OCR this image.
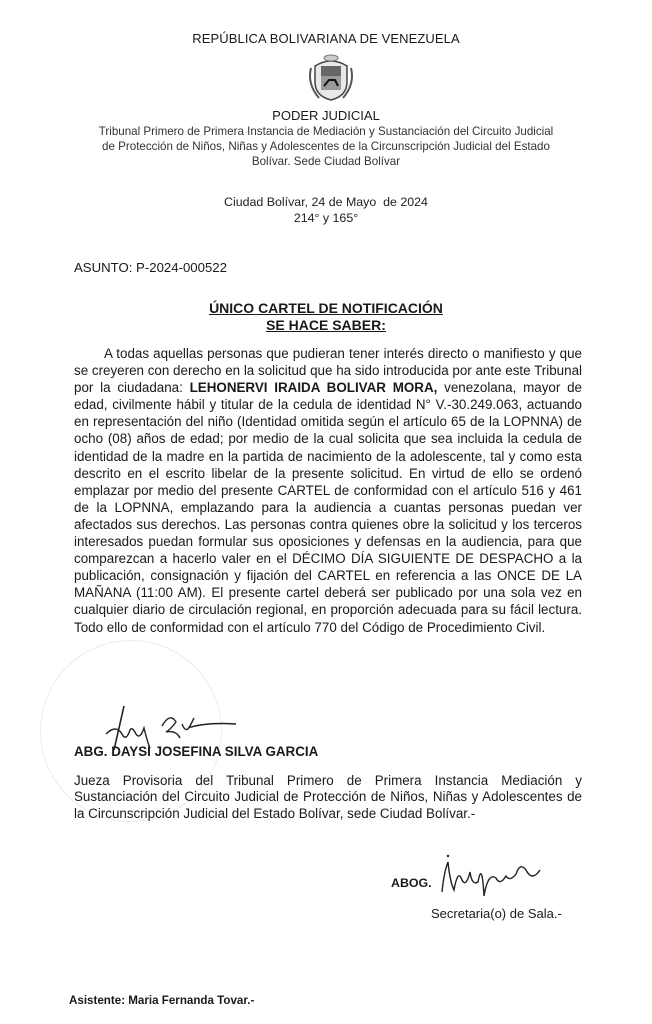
REPÚBLICA BOLIVARIANA DE VENEZUELA
PODER JUDICIAL
Tribunal Primero de Primera Instancia de Mediación y Sustanciación del Circuito Judicial
de Protección de Niños, Niñas y Adolescentes de la Circunscripción Judicial del Estado
Bolívar. Sede Ciudad Bolívar
Ciudad Bolívar, 24 de Mayo  de 2024
214° y 165°
ASUNTO: P-2024-000522
ÚNICO CARTEL DE NOTIFICACIÓN
SE HACE SABER:
A todas aquellas personas que pudieran tener interés directo o manifiesto y que se creyeren con derecho en la solicitud que ha sido introducida por ante este Tribunal por la ciudadana: LEHONERVI IRAIDA BOLIVAR MORA, venezolana, mayor de edad, civilmente hábil y titular de la cedula de identidad N° V.-30.249.063, actuando en representación del niño (Identidad omitida según el artículo 65 de la LOPNNA) de ocho (08) años de edad; por medio de la cual solicita que sea incluida la cedula de identidad de la madre en la partida de nacimiento de la adolescente, tal y como esta descrito en el escrito libelar de la presente solicitud. En virtud de ello se ordenó emplazar por medio del presente CARTEL de conformidad con el artículo 516 y 461 de la LOPNNA, emplazando para la audiencia a cuantas personas puedan ver afectados sus derechos. Las personas contra quienes obre la solicitud y los terceros interesados puedan formular sus oposiciones y defensas en la audiencia, para que comparezcan a hacerlo valer en el DÉCIMO DÍA SIGUIENTE DE DESPACHO a la publicación, consignación y fijación del CARTEL en referencia a las ONCE DE LA MAÑANA (11:00 AM). El presente cartel deberá ser publicado por una sola vez en cualquier diario de circulación regional, en proporción adecuada para su fácil lectura. Todo ello de conformidad con el artículo 770 del Código de Procedimiento Civil.
ABG. DAYSI JOSEFINA SILVA GARCIA
Jueza Provisoria del Tribunal Primero de Primera Instancia Mediación y Sustanciación del Circuito Judicial de Protección de Niños, Niñas y Adolescentes de la Circunscripción Judicial del Estado Bolívar, sede Ciudad Bolívar.-
ABOG.
Secretaria(o) de Sala.-
Asistente: Maria Fernanda Tovar.-
